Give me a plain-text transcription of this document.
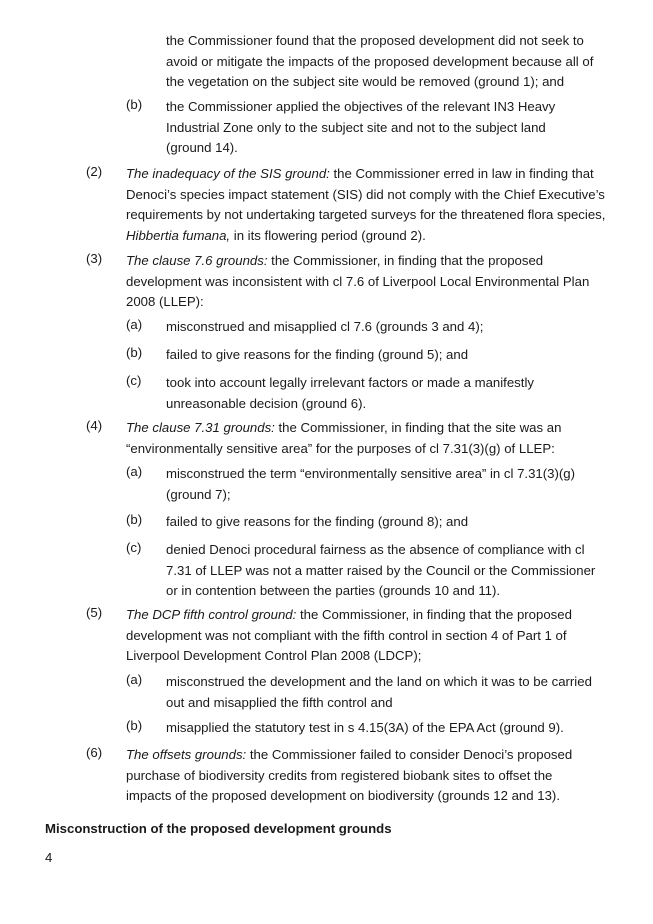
the Commissioner found that the proposed development did not seek to avoid or mitigate the impacts of the proposed development because all of the vegetation on the subject site would be removed (ground 1); and
(b) the Commissioner applied the objectives of the relevant IN3 Heavy Industrial Zone only to the subject site and not to the subject land (ground 14).
(2) The inadequacy of the SIS ground: the Commissioner erred in law in finding that Denoci’s species impact statement (SIS) did not comply with the Chief Executive’s requirements by not undertaking targeted surveys for the threatened flora species, Hibbertia fumana, in its flowering period (ground 2).
(3) The clause 7.6 grounds: the Commissioner, in finding that the proposed development was inconsistent with cl 7.6 of Liverpool Local Environmental Plan 2008 (LLEP):
(a) misconstrued and misapplied cl 7.6 (grounds 3 and 4);
(b) failed to give reasons for the finding (ground 5); and
(c) took into account legally irrelevant factors or made a manifestly unreasonable decision (ground 6).
(4) The clause 7.31 grounds: the Commissioner, in finding that the site was an “environmentally sensitive area” for the purposes of cl 7.31(3)(g) of LLEP:
(a) misconstrued the term “environmentally sensitive area” in cl 7.31(3)(g) (ground 7);
(b) failed to give reasons for the finding (ground 8); and
(c) denied Denoci procedural fairness as the absence of compliance with cl 7.31 of LLEP was not a matter raised by the Council or the Commissioner or in contention between the parties (grounds 10 and 11).
(5) The DCP fifth control ground: the Commissioner, in finding that the proposed development was not compliant with the fifth control in section 4 of Part 1 of Liverpool Development Control Plan 2008 (LDCP);
(a) misconstrued the development and the land on which it was to be carried out and misapplied the fifth control and
(b) misapplied the statutory test in s 4.15(3A) of the EPA Act (ground 9).
(6) The offsets grounds: the Commissioner failed to consider Denoci’s proposed purchase of biodiversity credits from registered biobank sites to offset the impacts of the proposed development on biodiversity (grounds 12 and 13).
Misconstruction of the proposed development grounds
4
